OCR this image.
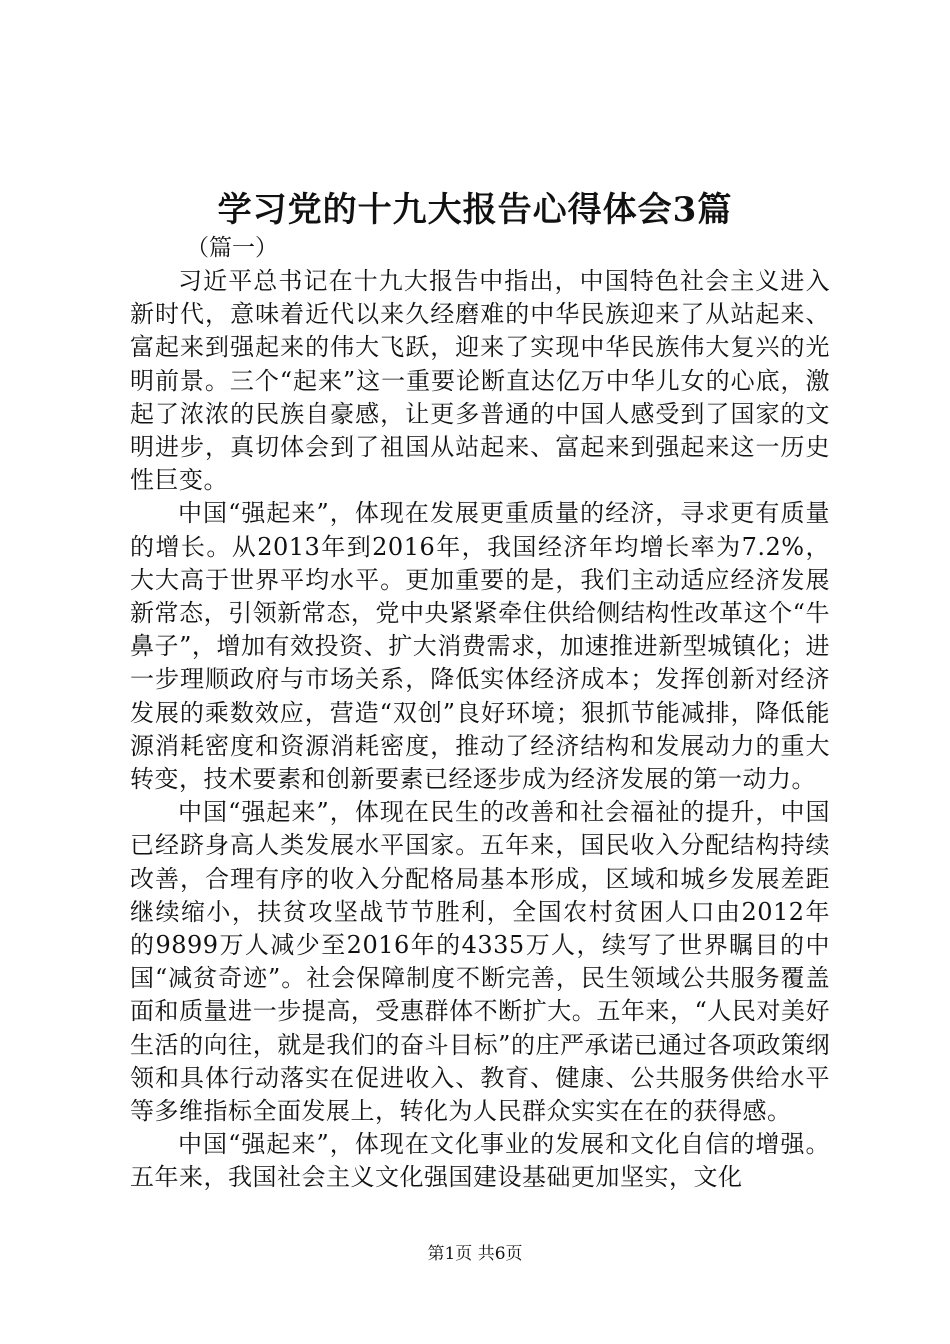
学习党的十九大报告心得体会3篇

（篇一）

习近平总书记在十九大报告中指出，中国特色社会主义进入新时代，意味着近代以来久经磨难的中华民族迎来了从站起来、富起来到强起来的伟大飞跃，迎来了实现中华民族伟大复兴的光明前景。三个“起来”这一重要论断直达亿万中华儿女的心底，激起了浓浓的民族自豪感，让更多普通的中国人感受到了国家的文明进步，真切体会到了祖国从站起来、富起来到强起来这一历史性巨变。

中国“强起来”，体现在发展更重质量的经济，寻求更有质量的增长。从2013年到2016年，我国经济年均增长率为7.2%，大大高于世界平均水平。更加重要的是，我们主动适应经济发展新常态，引领新常态，党中央紧紧牵住供给侧结构性改革这个“牛鼻子”，增加有效投资、扩大消费需求，加速推进新型城镇化；进一步理顺政府与市场关系，降低实体经济成本；发挥创新对经济发展的乘数效应，营造“双创”良好环境；狠抓节能减排，降低能源消耗密度和资源消耗密度，推动了经济结构和发展动力的重大转变，技术要素和创新要素已经逐步成为经济发展的第一动力。

中国“强起来”，体现在民生的改善和社会福祉的提升，中国已经跻身高人类发展水平国家。五年来，国民收入分配结构持续改善，合理有序的收入分配格局基本形成，区域和城乡发展差距继续缩小，扶贫攻坚战节节胜利，全国农村贫困人口由2012年的9899万人减少至2016年的4335万人，续写了世界瞩目的中国“减贫奇迹”。社会保障制度不断完善，民生领域公共服务覆盖面和质量进一步提高，受惠群体不断扩大。五年来，“人民对美好生活的向往，就是我们的奋斗目标”的庄严承诺已通过各项政策纲领和具体行动落实在促进收入、教育、健康、公共服务供给水平等多维指标全面发展上，转化为人民群众实实在在的获得感。

中国“强起来”，体现在文化事业的发展和文化自信的增强。五年来，我国社会主义文化强国建设基础更加坚实，文化

第1页 共6页
